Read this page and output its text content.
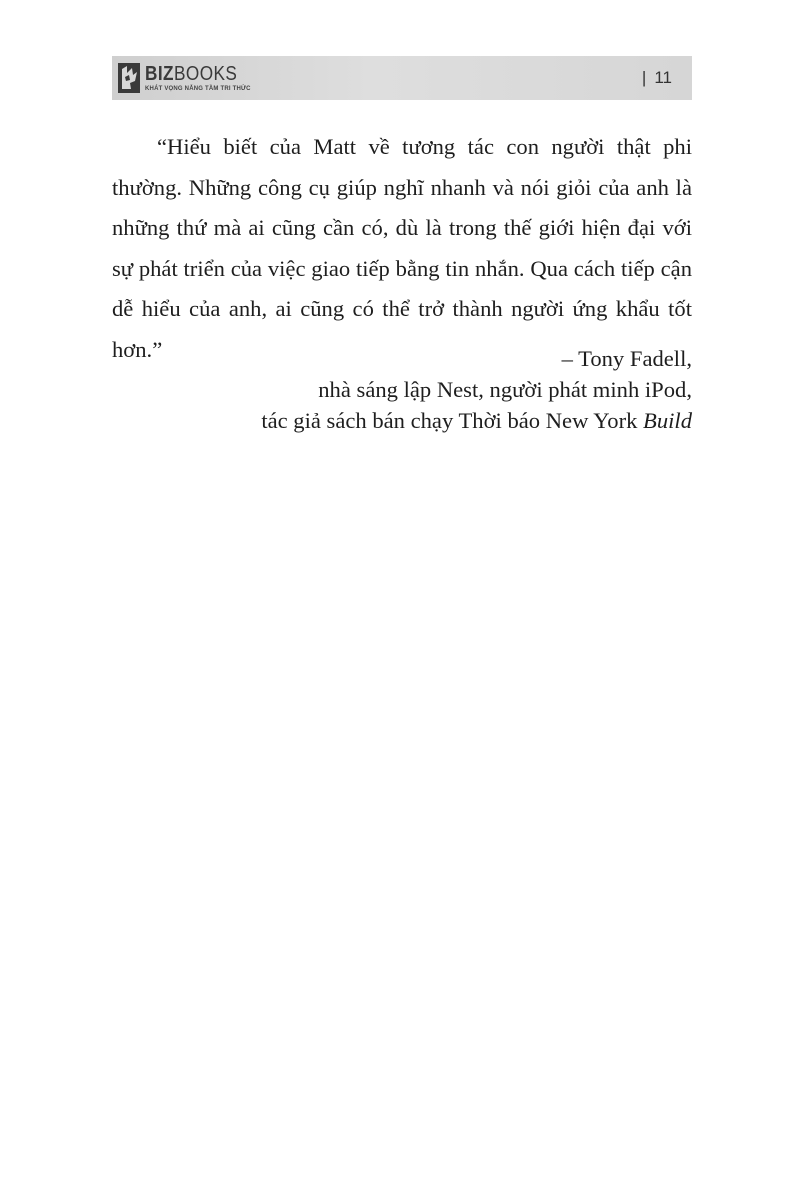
BIZBOOKS
KHÁT VỌNG NẮNG TẦM TRI THỨC
| 11

“Hiểu biết của Matt về tương tác con người thật phi thường. Những công cụ giúp nghĩ nhanh và nói giỏi của anh là những thứ mà ai cũng cần có, dù là trong thế giới hiện đại với sự phát triển của việc giao tiếp bằng tin nhắn. Qua cách tiếp cận dễ hiểu của anh, ai cũng có thể trở thành người ứng khẩu tốt hơn.”	– Tony Fadell,
nhà sáng lập Nest, người phát minh iPod,
tác giả sách bán chạy Thời báo New York Build
